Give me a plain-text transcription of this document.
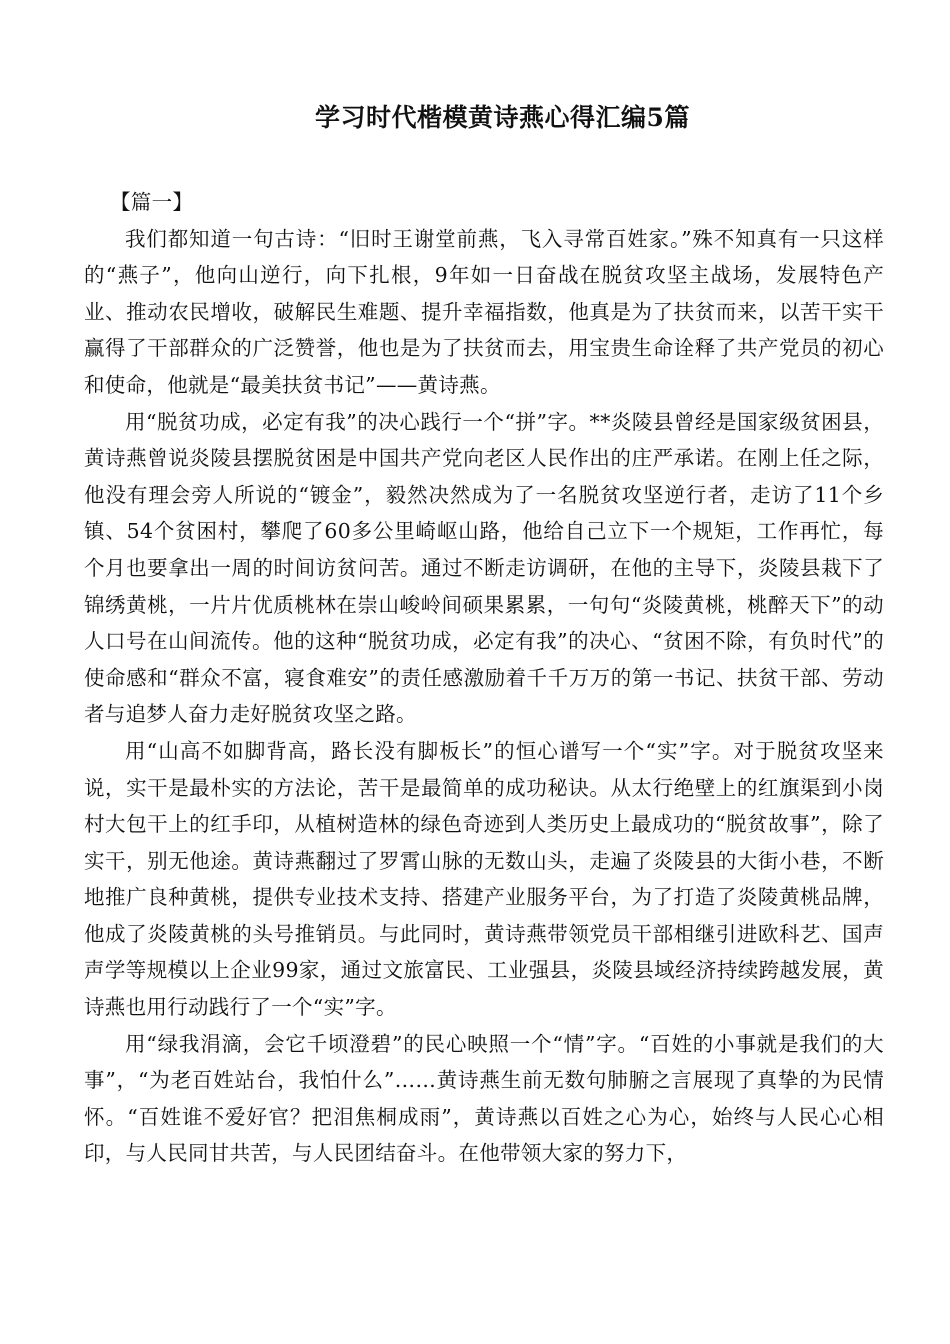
学习时代楷模黄诗燕心得汇编5篇

【篇一】

我们都知道一句古诗：“旧时王谢堂前燕，飞入寻常百姓家。”殊不知真有一只这样的“燕子”，他向山逆行，向下扎根，9年如一日奋战在脱贫攻坚主战场，发展特色产业、推动农民增收，破解民生难题、提升幸福指数，他真是为了扶贫而来，以苦干实干赢得了干部群众的广泛赞誉，他也是为了扶贫而去，用宝贵生命诠释了共产党员的初心和使命，他就是“最美扶贫书记”——黄诗燕。

用“脱贫功成，必定有我”的决心践行一个“拼”字。**炎陵县曾经是国家级贫困县，黄诗燕曾说炎陵县摆脱贫困是中国共产党向老区人民作出的庄严承诺。在刚上任之际，他没有理会旁人所说的“镀金”，毅然决然成为了一名脱贫攻坚逆行者，走访了11个乡镇、54个贫困村，攀爬了60多公里崎岖山路，他给自己立下一个规矩，工作再忙，每个月也要拿出一周的时间访贫问苦。通过不断走访调研，在他的主导下，炎陵县栽下了锦绣黄桃，一片片优质桃林在崇山峻岭间硕果累累，一句句“炎陵黄桃，桃醉天下”的动人口号在山间流传。他的这种“脱贫功成，必定有我”的决心、“贫困不除，有负时代”的使命感和“群众不富，寝食难安”的责任感激励着千千万万的第一书记、扶贫干部、劳动者与追梦人奋力走好脱贫攻坚之路。

用“山高不如脚背高，路长没有脚板长”的恒心谱写一个“实”字。对于脱贫攻坚来说，实干是最朴实的方法论，苦干是最简单的成功秘诀。从太行绝壁上的红旗渠到小岗村大包干上的红手印，从植树造林的绿色奇迹到人类历史上最成功的“脱贫故事”，除了实干，别无他途。黄诗燕翻过了罗霄山脉的无数山头，走遍了炎陵县的大街小巷，不断地推广良种黄桃，提供专业技术支持、搭建产业服务平台，为了打造了炎陵黄桃品牌，他成了炎陵黄桃的头号推销员。与此同时，黄诗燕带领党员干部相继引进欧科艺、国声声学等规模以上企业99家，通过文旅富民、工业强县，炎陵县域经济持续跨越发展，黄诗燕也用行动践行了一个“实”字。

用“绿我涓滴，会它千顷澄碧”的民心映照一个“情”字。“百姓的小事就是我们的大事”，“为老百姓站台，我怕什么”……黄诗燕生前无数句肺腑之言展现了真挚的为民情怀。“百姓谁不爱好官？把泪焦桐成雨”，黄诗燕以百姓之心为心，始终与人民心心相印，与人民同甘共苦，与人民团结奋斗。在他带领大家的努力下，
